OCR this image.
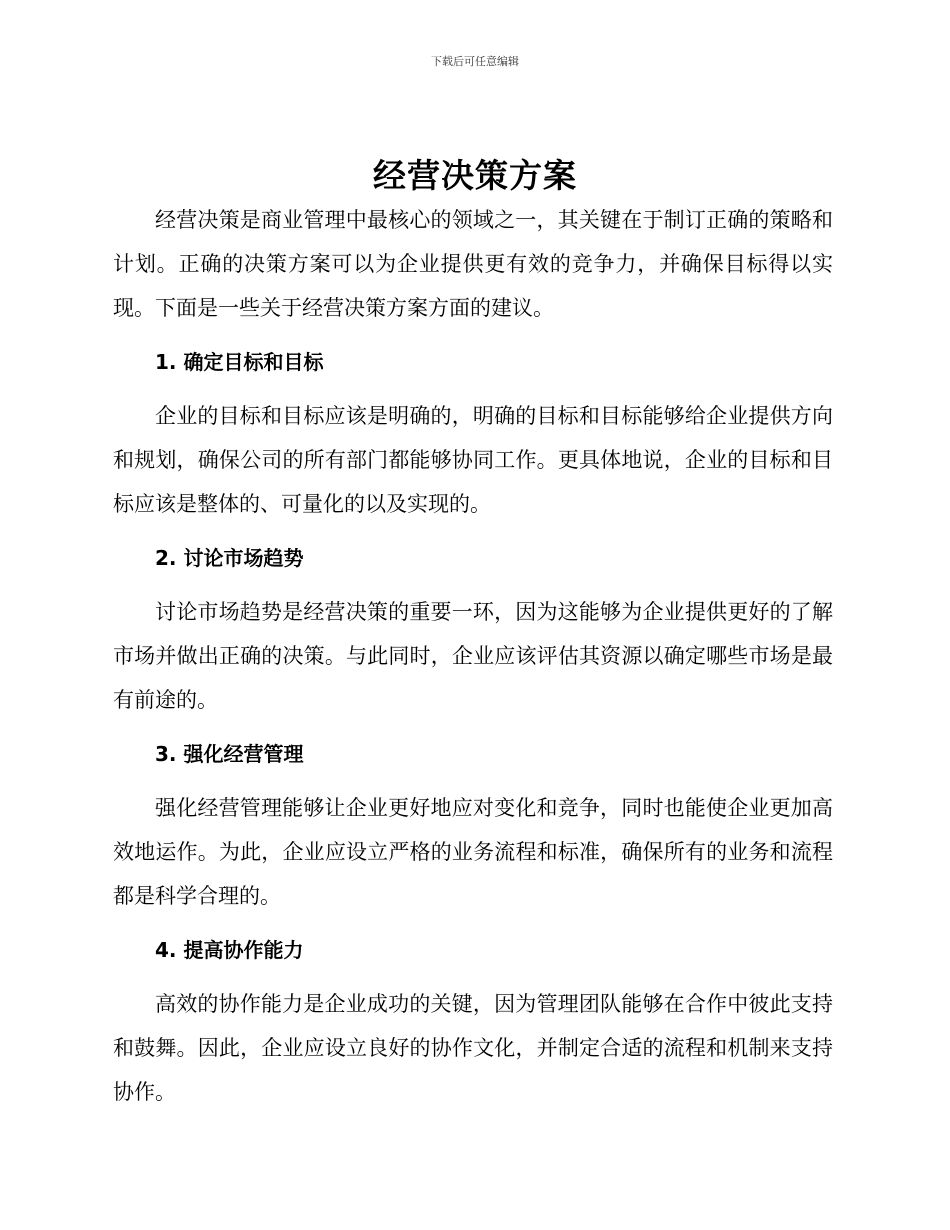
下载后可任意编辑
经营决策方案

经营决策是商业管理中最核心的领域之一，其关键在于制订正确的策略和计划。正确的决策方案可以为企业提供更有效的竞争力，并确保目标得以实现。下面是一些关于经营决策方案方面的建议。

1. 确定目标和目标

企业的目标和目标应该是明确的，明确的目标和目标能够给企业提供方向和规划，确保公司的所有部门都能够协同工作。更具体地说，企业的目标和目标应该是整体的、可量化的以及实现的。

2. 讨论市场趋势

讨论市场趋势是经营决策的重要一环，因为这能够为企业提供更好的了解市场并做出正确的决策。与此同时，企业应该评估其资源以确定哪些市场是最有前途的。

3. 强化经营管理

强化经营管理能够让企业更好地应对变化和竞争，同时也能使企业更加高效地运作。为此，企业应设立严格的业务流程和标准，确保所有的业务和流程都是科学合理的。

4. 提高协作能力

高效的协作能力是企业成功的关键，因为管理团队能够在合作中彼此支持和鼓舞。因此，企业应设立良好的协作文化，并制定合适的流程和机制来支持协作。
